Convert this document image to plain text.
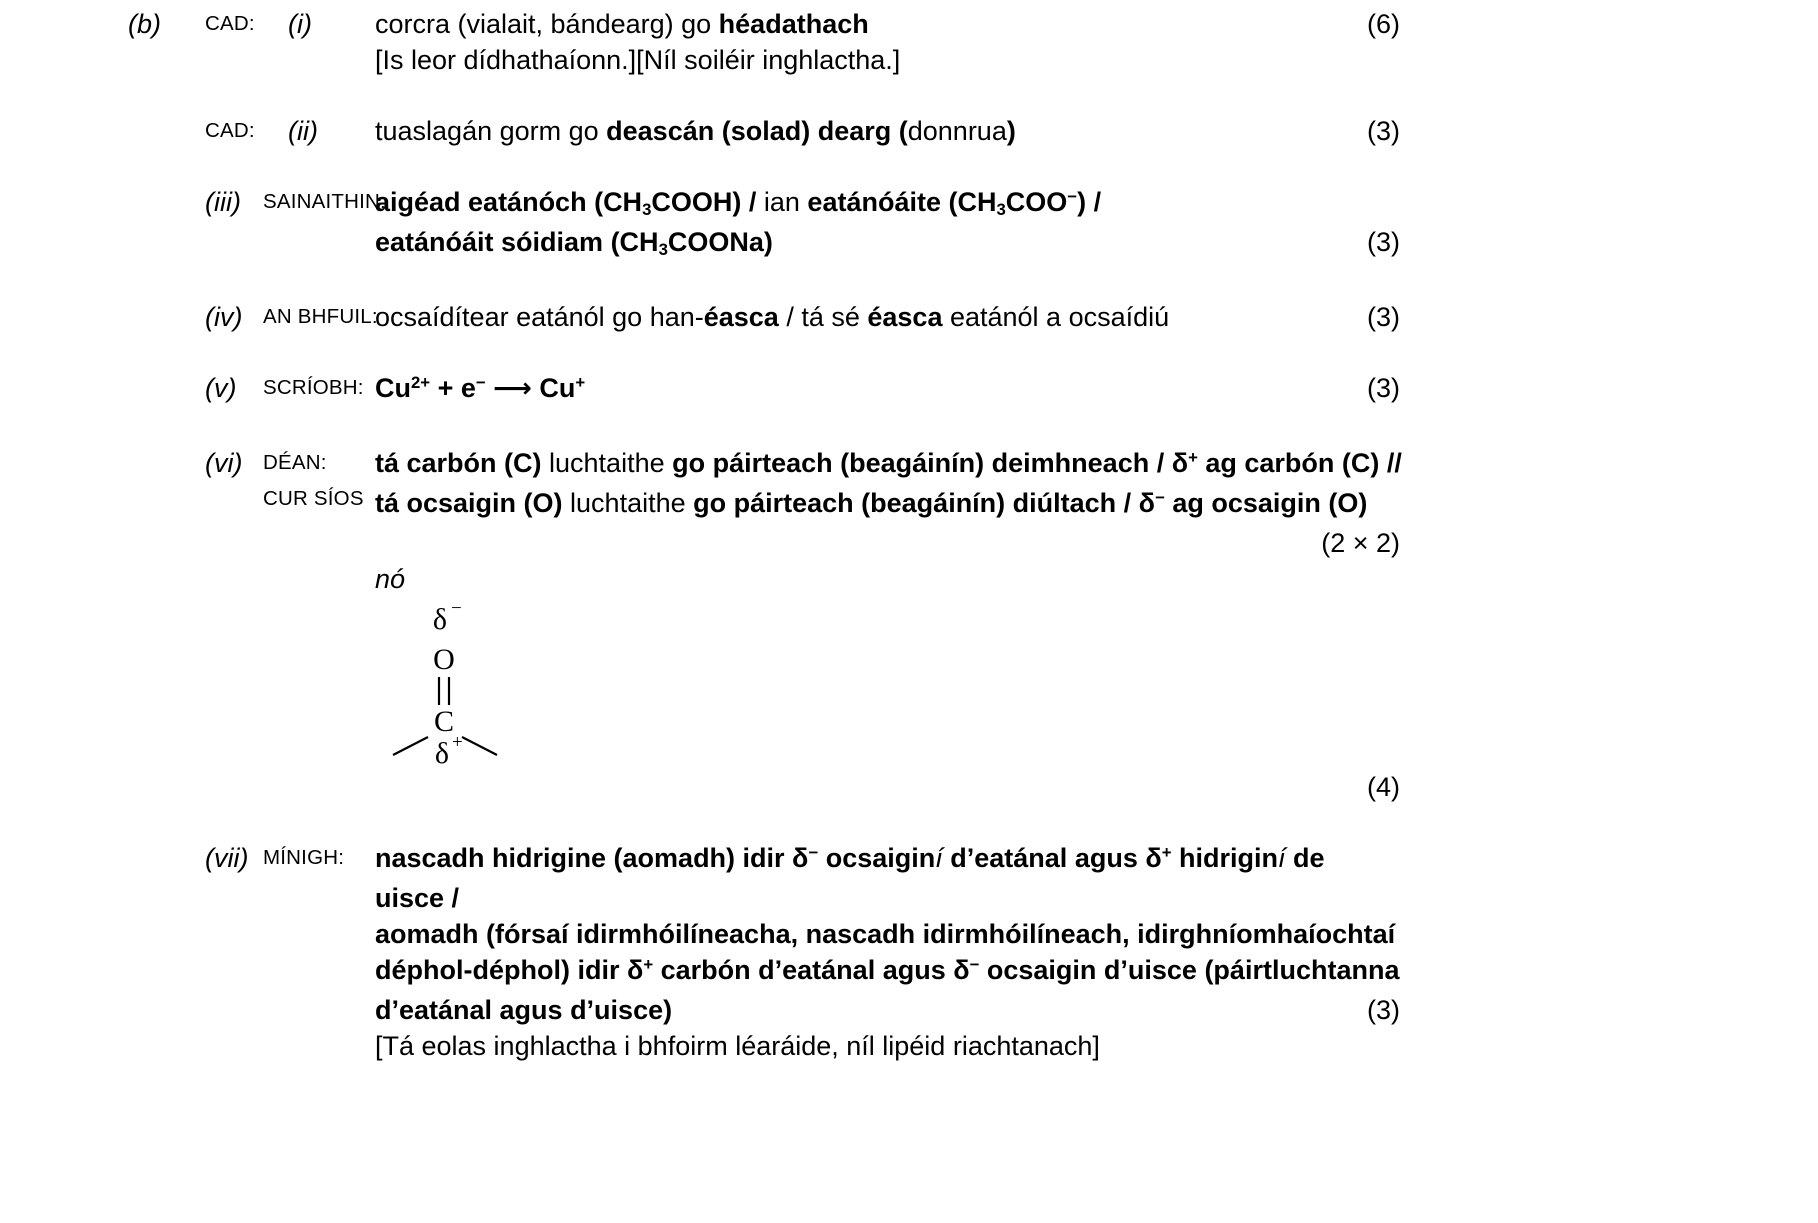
(b) CAD: (i) corcra (vialait, bándearg) go héadathach	(6)
[Is leor dídhathaíonn.][Níl soiléir inghlactha.]
CAD: (ii) tuaslagán gorm go deascán (solad) dearg (donnrua)	(3)
(iii) SAINAITHIN:
aigéad eatánóch (CH3COOH) / ian eatánóáite (CH3COO−) /
eatánóáit sóidiam (CH3COONa)	(3)
(iv) AN BHFUIL:
ocsaídítear eatánól go han-éasca / tá sé éasca eatánól a ocsaídiú	(3)
(v) SCRÍOBH: $Cu^{2+} + e^-$ ⟶ Cu+	(3)
(vi) DÉAN:
CUR SÍOS
tá carbón (C) luchtaithe go páirteach (beagáinín) deimhneach / δ+ ag carbón (C) //
tá ocsaigin (O) luchtaithe go páirteach (beagáinín) diúltach / δ− ag ocsaigin (O)
(2 × 2)
nó
δ −
O
C
δ +
(4)
(vii) MÍNIGH: nascadh hidrigine (aomadh) idir δ− ocsaiginí d’eatánal agus δ+ hidriginí de
uisce /
aomadh (fórsaí idirmhóilíneacha, nascadh idirmhóilíneach, idirghníomhaíochtaí
déphol-déphol) idir δ+ carbón d’eatánal agus δ− ocsaigin d’uisce (páirtluchtanna
d’eatánal agus d’uisce)	(3)
[Tá eolas inghlactha i bhfoirm léaráide, níl lipéid riachtanach]
